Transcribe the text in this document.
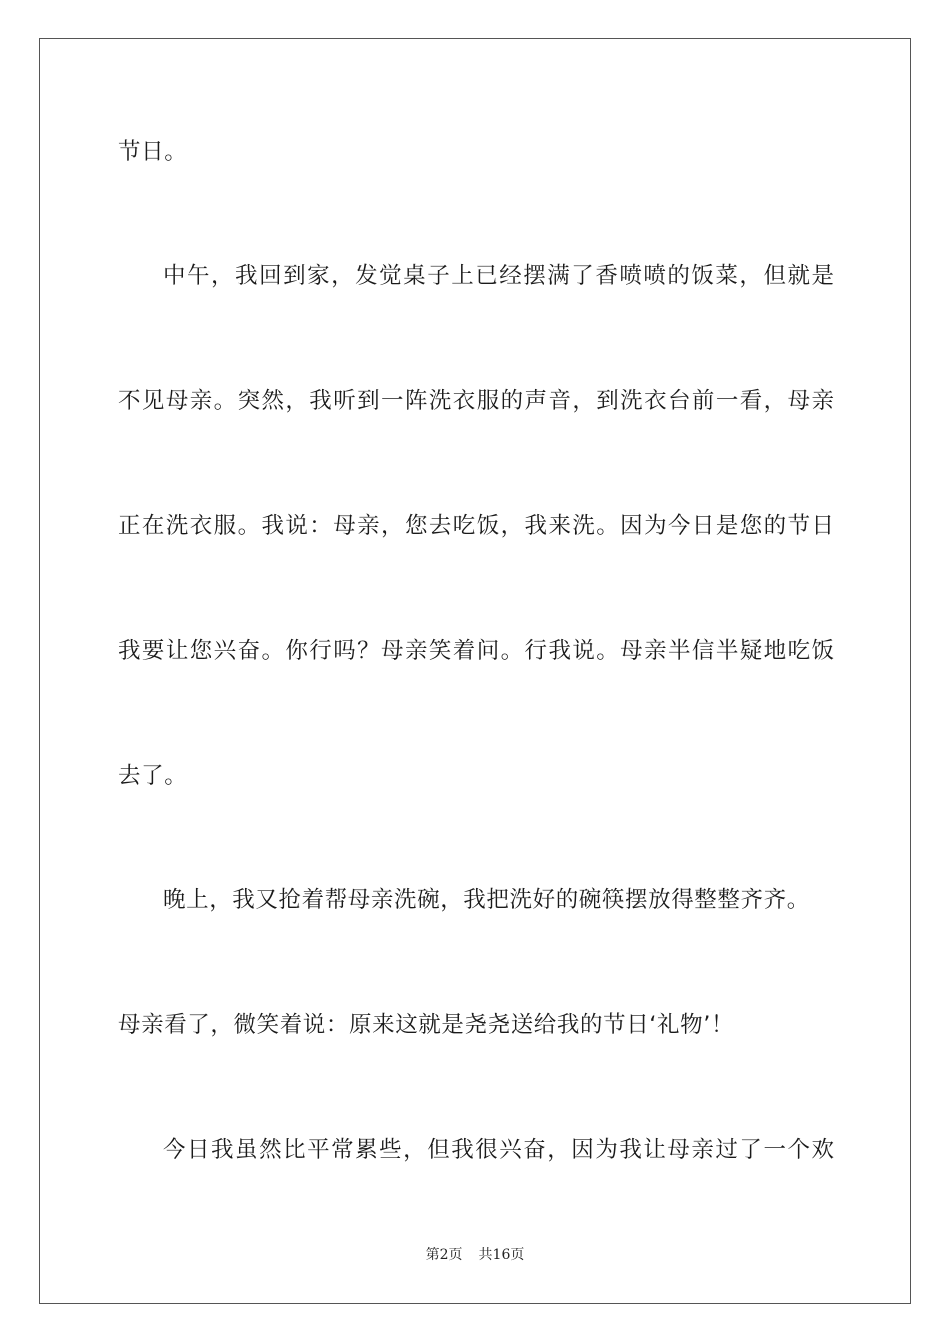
节日。
中午，我回到家，发觉桌子上已经摆满了香喷喷的饭菜，但就是
不见母亲。突然，我听到一阵洗衣服的声音，到洗衣台前一看，母亲
正在洗衣服。我说：母亲，您去吃饭，我来洗。因为今日是您的节日
我要让您兴奋。你行吗？母亲笑着问。行我说。母亲半信半疑地吃饭
去了。
晚上，我又抢着帮母亲洗碗，我把洗好的碗筷摆放得整整齐齐。
母亲看了，微笑着说：原来这就是尧尧送给我的节日‘礼物’！
今日我虽然比平常累些，但我很兴奋，因为我让母亲过了一个欢
第2页 共16页
